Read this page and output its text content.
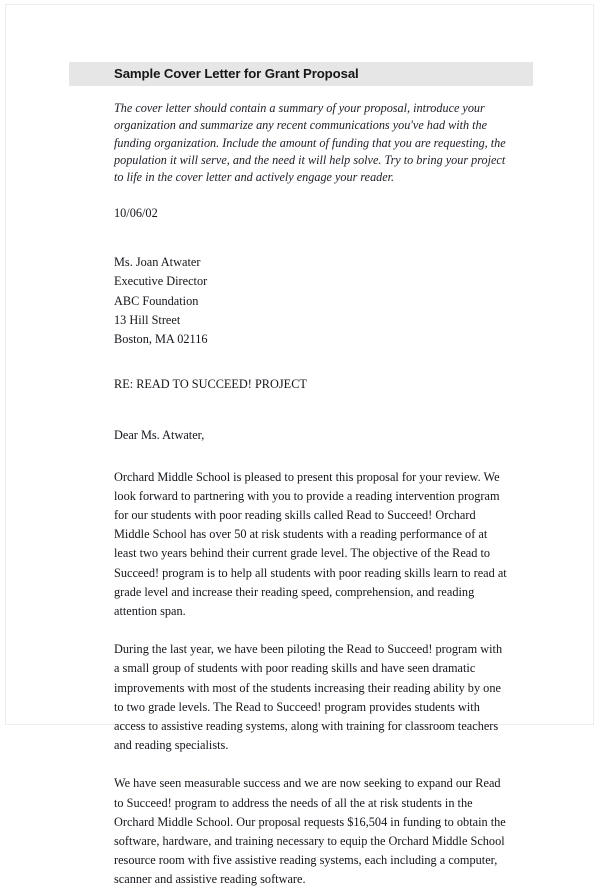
Sample Cover Letter for Grant Proposal
The cover letter should contain a summary of your proposal, introduce your organization and summarize any recent communications you've had with the funding organization. Include the amount of funding that you are requesting, the population it will serve, and the need it will help solve. Try to bring your project to life in the cover letter and actively engage your reader.
10/06/02
Ms. Joan Atwater
Executive Director
ABC Foundation
13 Hill Street
Boston, MA 02116
RE: READ TO SUCCEED! PROJECT
Dear Ms. Atwater,
Orchard Middle School is pleased to present this proposal for your review. We look forward to partnering with you to provide a reading intervention program for our students with poor reading skills called Read to Succeed! Orchard Middle School has over 50 at risk students with a reading performance of at least two years behind their current grade level. The objective of the Read to Succeed! program is to help all students with poor reading skills learn to read at grade level and increase their reading speed, comprehension, and reading attention span.
During the last year, we have been piloting the Read to Succeed! program with a small group of students with poor reading skills and have seen dramatic improvements with most of the students increasing their reading ability by one to two grade levels. The Read to Succeed! program provides students with access to assistive reading systems, along with training for classroom teachers and reading specialists.
We have seen measurable success and we are now seeking to expand our Read to Succeed! program to address the needs of all the at risk students in the Orchard Middle School. Our proposal requests $16,504 in funding to obtain the software, hardware, and training necessary to equip the Orchard Middle School resource room with five assistive reading systems, each including a computer, scanner and assistive reading software.
